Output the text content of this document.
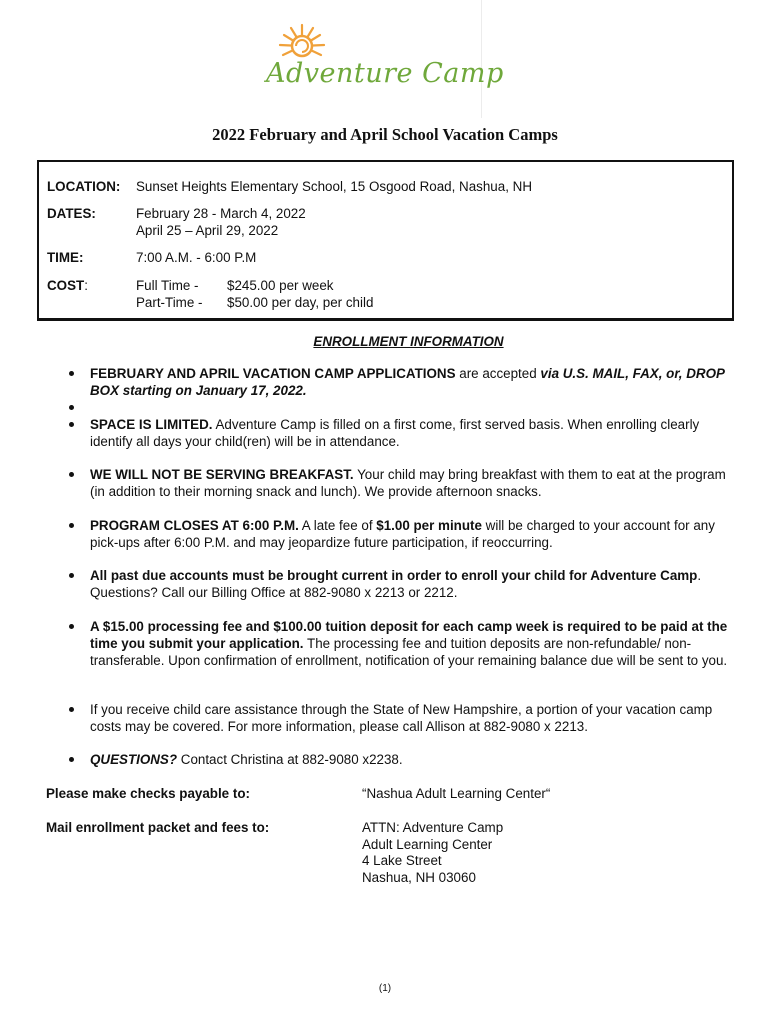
Adventure Camp
2022 February and April School Vacation Camps
LOCATION: Sunset Heights Elementary School, 15 Osgood Road, Nashua, NH
DATES:	February 28 - March 4, 2022
April 25 – April 29, 2022
TIME:	7:00 A.M. - 6:00 P.M
COST:	Full Time - $245.00 per week
Part-Time - $50.00 per day, per child
ENROLLMENT INFORMATION
FEBRUARY AND APRIL VACATION CAMP APPLICATIONS are accepted via U.S. MAIL, FAX, or, DROP BOX starting on January 17, 2022.
SPACE IS LIMITED. Adventure Camp is filled on a first come, first served basis. When enrolling clearly identify all days your child(ren) will be in attendance.
WE WILL NOT BE SERVING BREAKFAST. Your child may bring breakfast with them to eat at the program (in addition to their morning snack and lunch). We provide afternoon snacks.
PROGRAM CLOSES AT 6:00 P.M. A late fee of $1.00 per minute will be charged to your account for any pick-ups after 6:00 P.M. and may jeopardize future participation, if reoccurring.
All past due accounts must be brought current in order to enroll your child for Adventure Camp. Questions? Call our Billing Office at 882-9080 x 2213 or 2212.
A $15.00 processing fee and $100.00 tuition deposit for each camp week is required to be paid at the time you submit your application. The processing fee and tuition deposits are non-refundable/ non-transferable. Upon confirmation of enrollment, notification of your remaining balance due will be sent to you.
If you receive child care assistance through the State of New Hampshire, a portion of your vacation camp costs may be covered. For more information, please call Allison at 882-9080 x 2213.
QUESTIONS? Contact Christina at 882-9080 x2238.
Please make checks payable to:	“Nashua Adult Learning Center“
Mail enrollment packet and fees to:	ATTN: Adventure Camp
Adult Learning Center
4 Lake Street
Nashua, NH 03060
(1)
